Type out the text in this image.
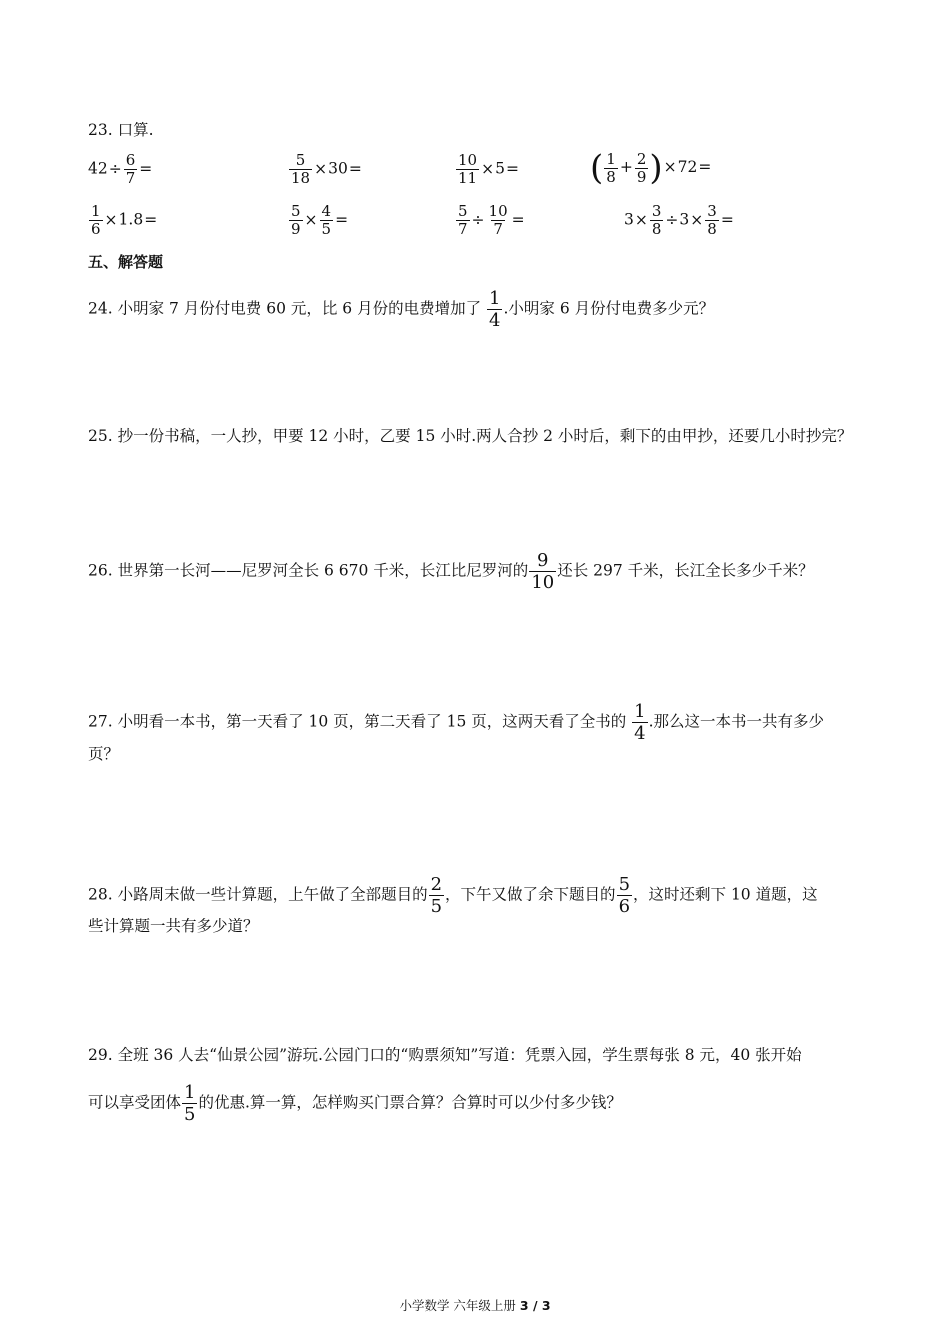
23. 口算.
$42\div \frac{6}{7}$ =	$\frac{5}{18} \times 30=$	$\frac{10}{11} \times 5=$ ( $\frac{1}{8} + \frac{2}{9} )\times 72=$
$\frac{1}{6} \times 1.8=$	$\frac{5}{9} \times \frac{4}{5}$ =	$\frac{5}{7} \div \frac{10}{7}$ =	$3\times \frac{3}{8} \div 3\times \frac{3}{8}$ =
五、解答题
24. 小明家 7 月份付电费 60 元，比 6 月份的电费增加了 $\frac{1}{4}$ .小明家 6 月份付电费多少元？
25. 抄一份书稿，一人抄，甲要 12 小时，乙要 15 小时.两人合抄 2 小时后，剩下的由甲抄，还要几小时抄完？
26. 世界第一长河——尼罗河全长 6 670 千米，长江比尼罗河的 $\frac{9}{10}$ 还长 297 千米，长江全长多少千米？
27. 小明看一本书，第一天看了 10 页，第二天看了 15 页，这两天看了全书的 $\frac{1}{4}$ .那么这一本书一共有多少
页？
28. 小路周末做一些计算题，上午做了全部题目的 $\frac{2}{5}$ ，下午又做了余下题目的 $\frac{5}{6}$ ，这时还剩下 10 道题，这
些计算题一共有多少道？
29. 全班 36 人去“仙景公园”游玩.公园门口的“购票须知”写道：凭票入园，学生票每张 8 元，40 张开始
可以享受团体 $\frac{1}{5}$ 的优惠.算一算，怎样购买门票合算？合算时可以少付多少钱？
小学数学 六年级上册 3 / 3
